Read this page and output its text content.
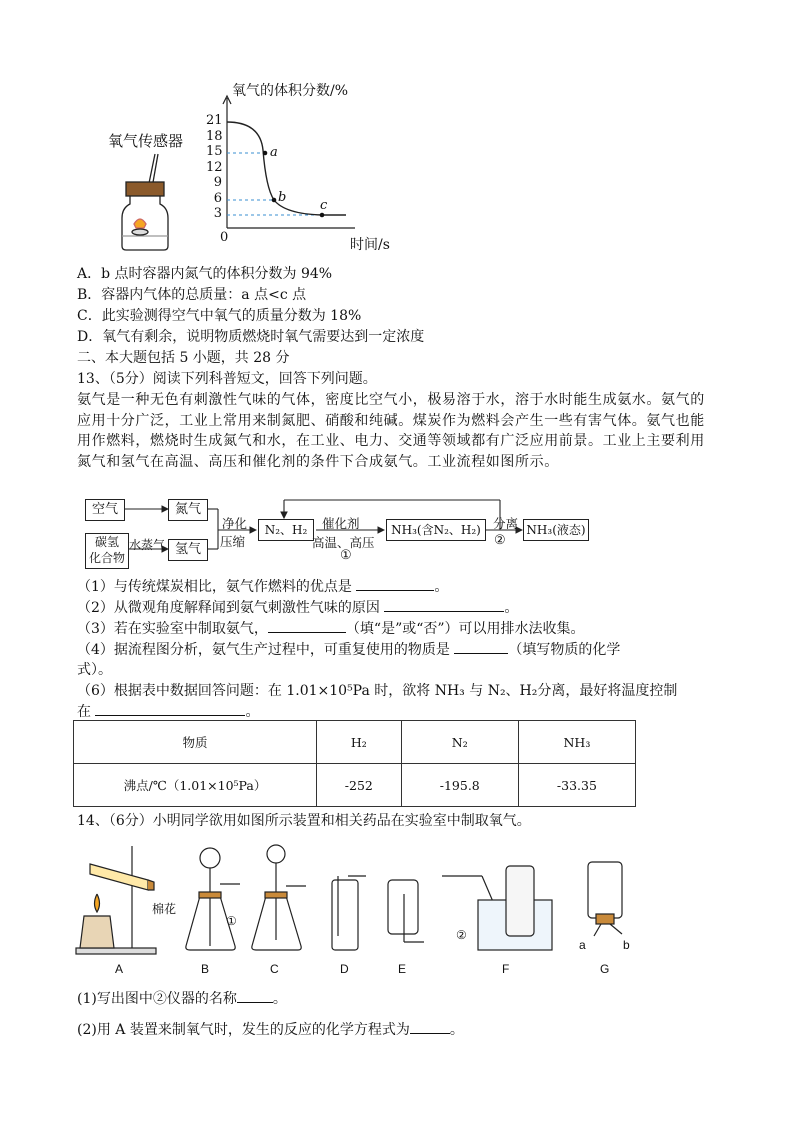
氧气传感器
氧气的体积分数/%
时间/s
0
21
18
15
12
9
6
3
a
b
c
A．b 点时容器内氮气的体积分数为 94%
B．容器内气体的总质量：a 点<c 点
C．此实验测得空气中氧气的质量分数为 18%
D．氧气有剩余，说明物质燃烧时氧气需要达到一定浓度
二、本大题包括 5 小题，共 28 分
13、（5分）阅读下列科普短文，回答下列问题。
氨气是一种无色有刺激性气味的气体，密度比空气小，极易溶于水，溶于水时能生成氨水。氨气的应用十分广泛，工业上常用来制氮肥、硝酸和纯碱。煤炭作为燃料会产生一些有害气体。氨气也能用作燃料，燃烧时生成氮气和水，在工业、电力、交通等领域都有广泛应用前景。工业上主要利用氮气和氢气在高温、高压和催化剂的条件下合成氨气。工业流程如图所示。
空气	氮气
碳氢
化合物
水蒸气 氢气
净化
压缩
N₂、H₂	催化剂
高温、高压
①
NH₃(含N₂、H₂) 分离
②
NH₃(液态)
（1）与传统煤炭相比，氨气作燃料的优点是	。
（2）从微观角度解释闻到氨气刺激性气味的原因	。
（3）若在实验室中制取氨气，	（填“是”或“否”）可以用排水法收集。
（4）据流程图分析，氨气生产过程中，可重复使用的物质是	（填写物质的化学
式）。
（6）根据表中数据回答问题：在 1.01×10⁵Pa 时，欲将 NH₃ 与 N₂、H₂分离，最好将温度控制
在	。
物质	H₂	N₂	NH₃
沸点/℃（1.01×10⁵Pa）	-252	-195.8	-33.35
14、（6分）小明同学欲用如图所示装置和相关药品在实验室中制取氧气。
棉花
①
②
a	b
A	B	C	D	E	F	G
(1)写出图中②仪器的名称	。
(2)用 A 装置来制氧气时，发生的反应的化学方程式为	。
